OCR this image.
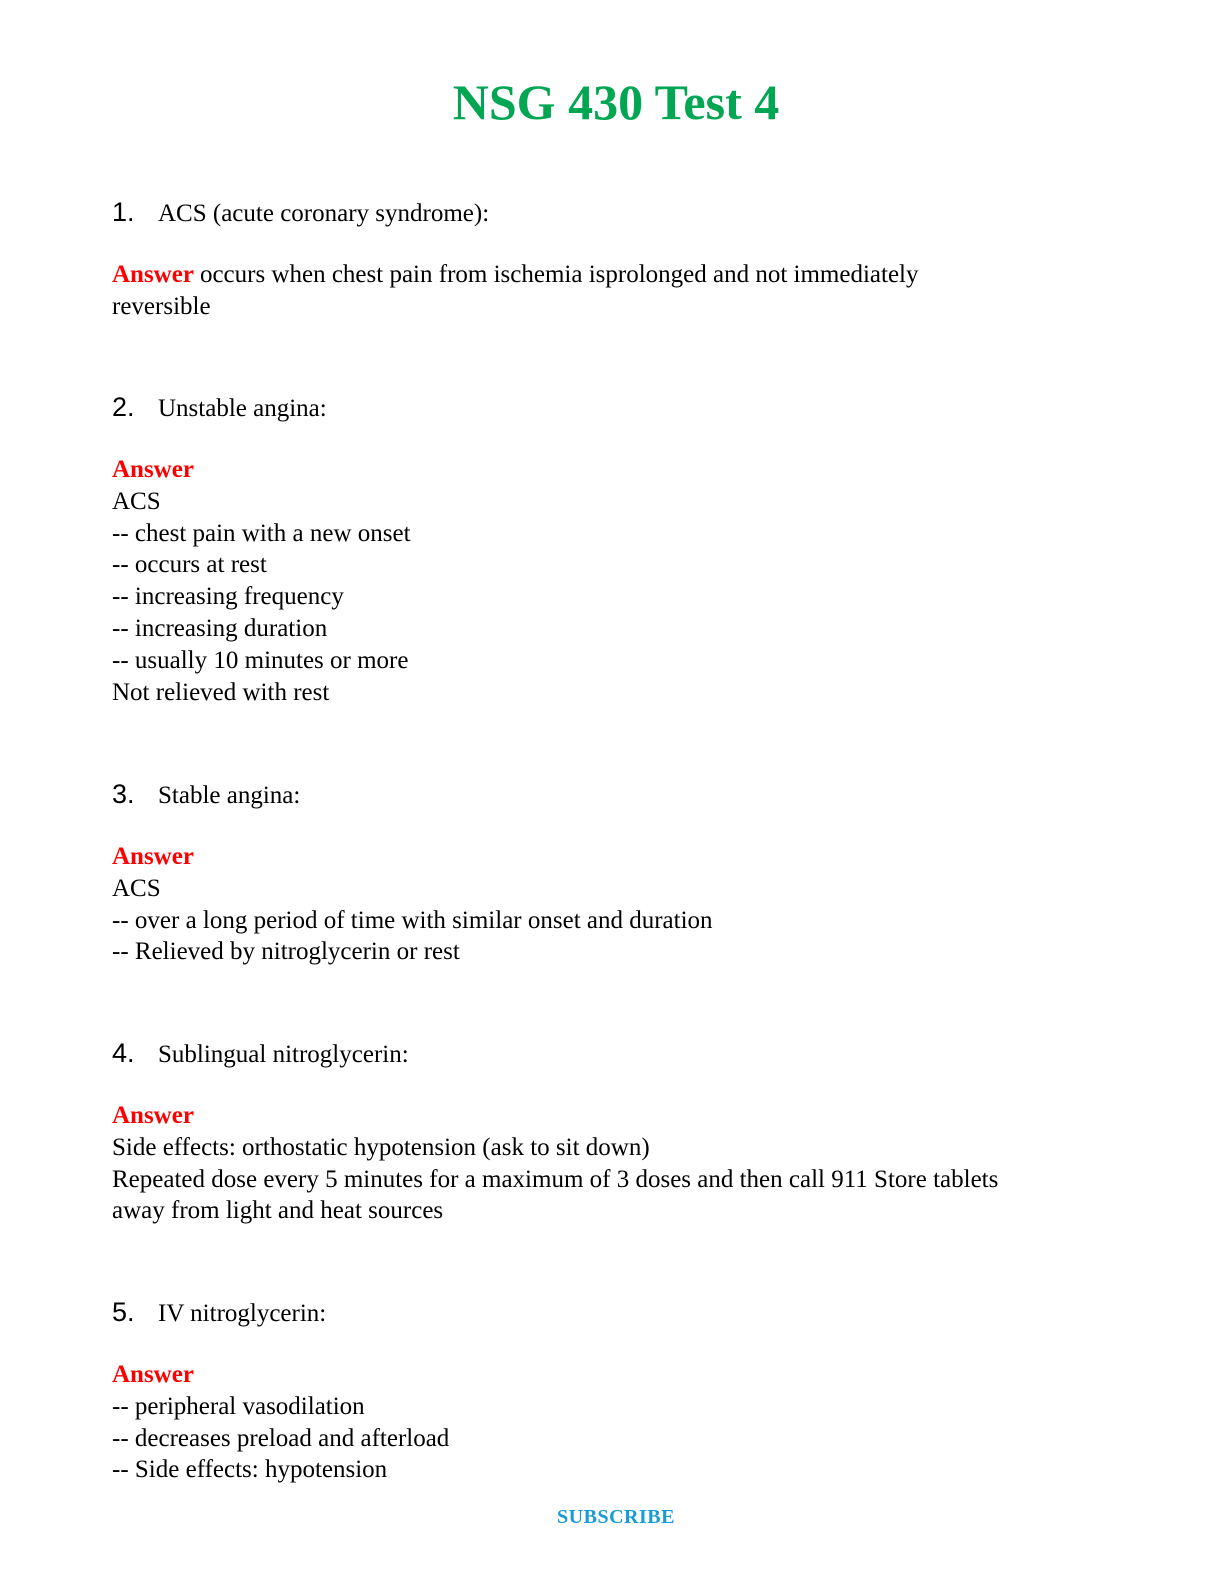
NSG 430 Test 4
1. ACS (acute coronary syndrome):
Answer occurs when chest pain from ischemia isprolonged and not immediately
reversible
2. Unstable angina:
Answer
ACS
-- chest pain with a new onset
-- occurs at rest
-- increasing frequency
-- increasing duration
-- usually 10 minutes or more
Not relieved with rest
3. Stable angina:
Answer
ACS
-- over a long period of time with similar onset and duration
-- Relieved by nitroglycerin or rest
4. Sublingual nitroglycerin:
Answer
Side effects: orthostatic hypotension (ask to sit down)
Repeated dose every 5 minutes for a maximum of 3 doses and then call 911 Store tablets
away from light and heat sources
5. IV nitroglycerin:
Answer
-- peripheral vasodilation
-- decreases preload and afterload
-- Side effects: hypotension
SUBSCRIBE
